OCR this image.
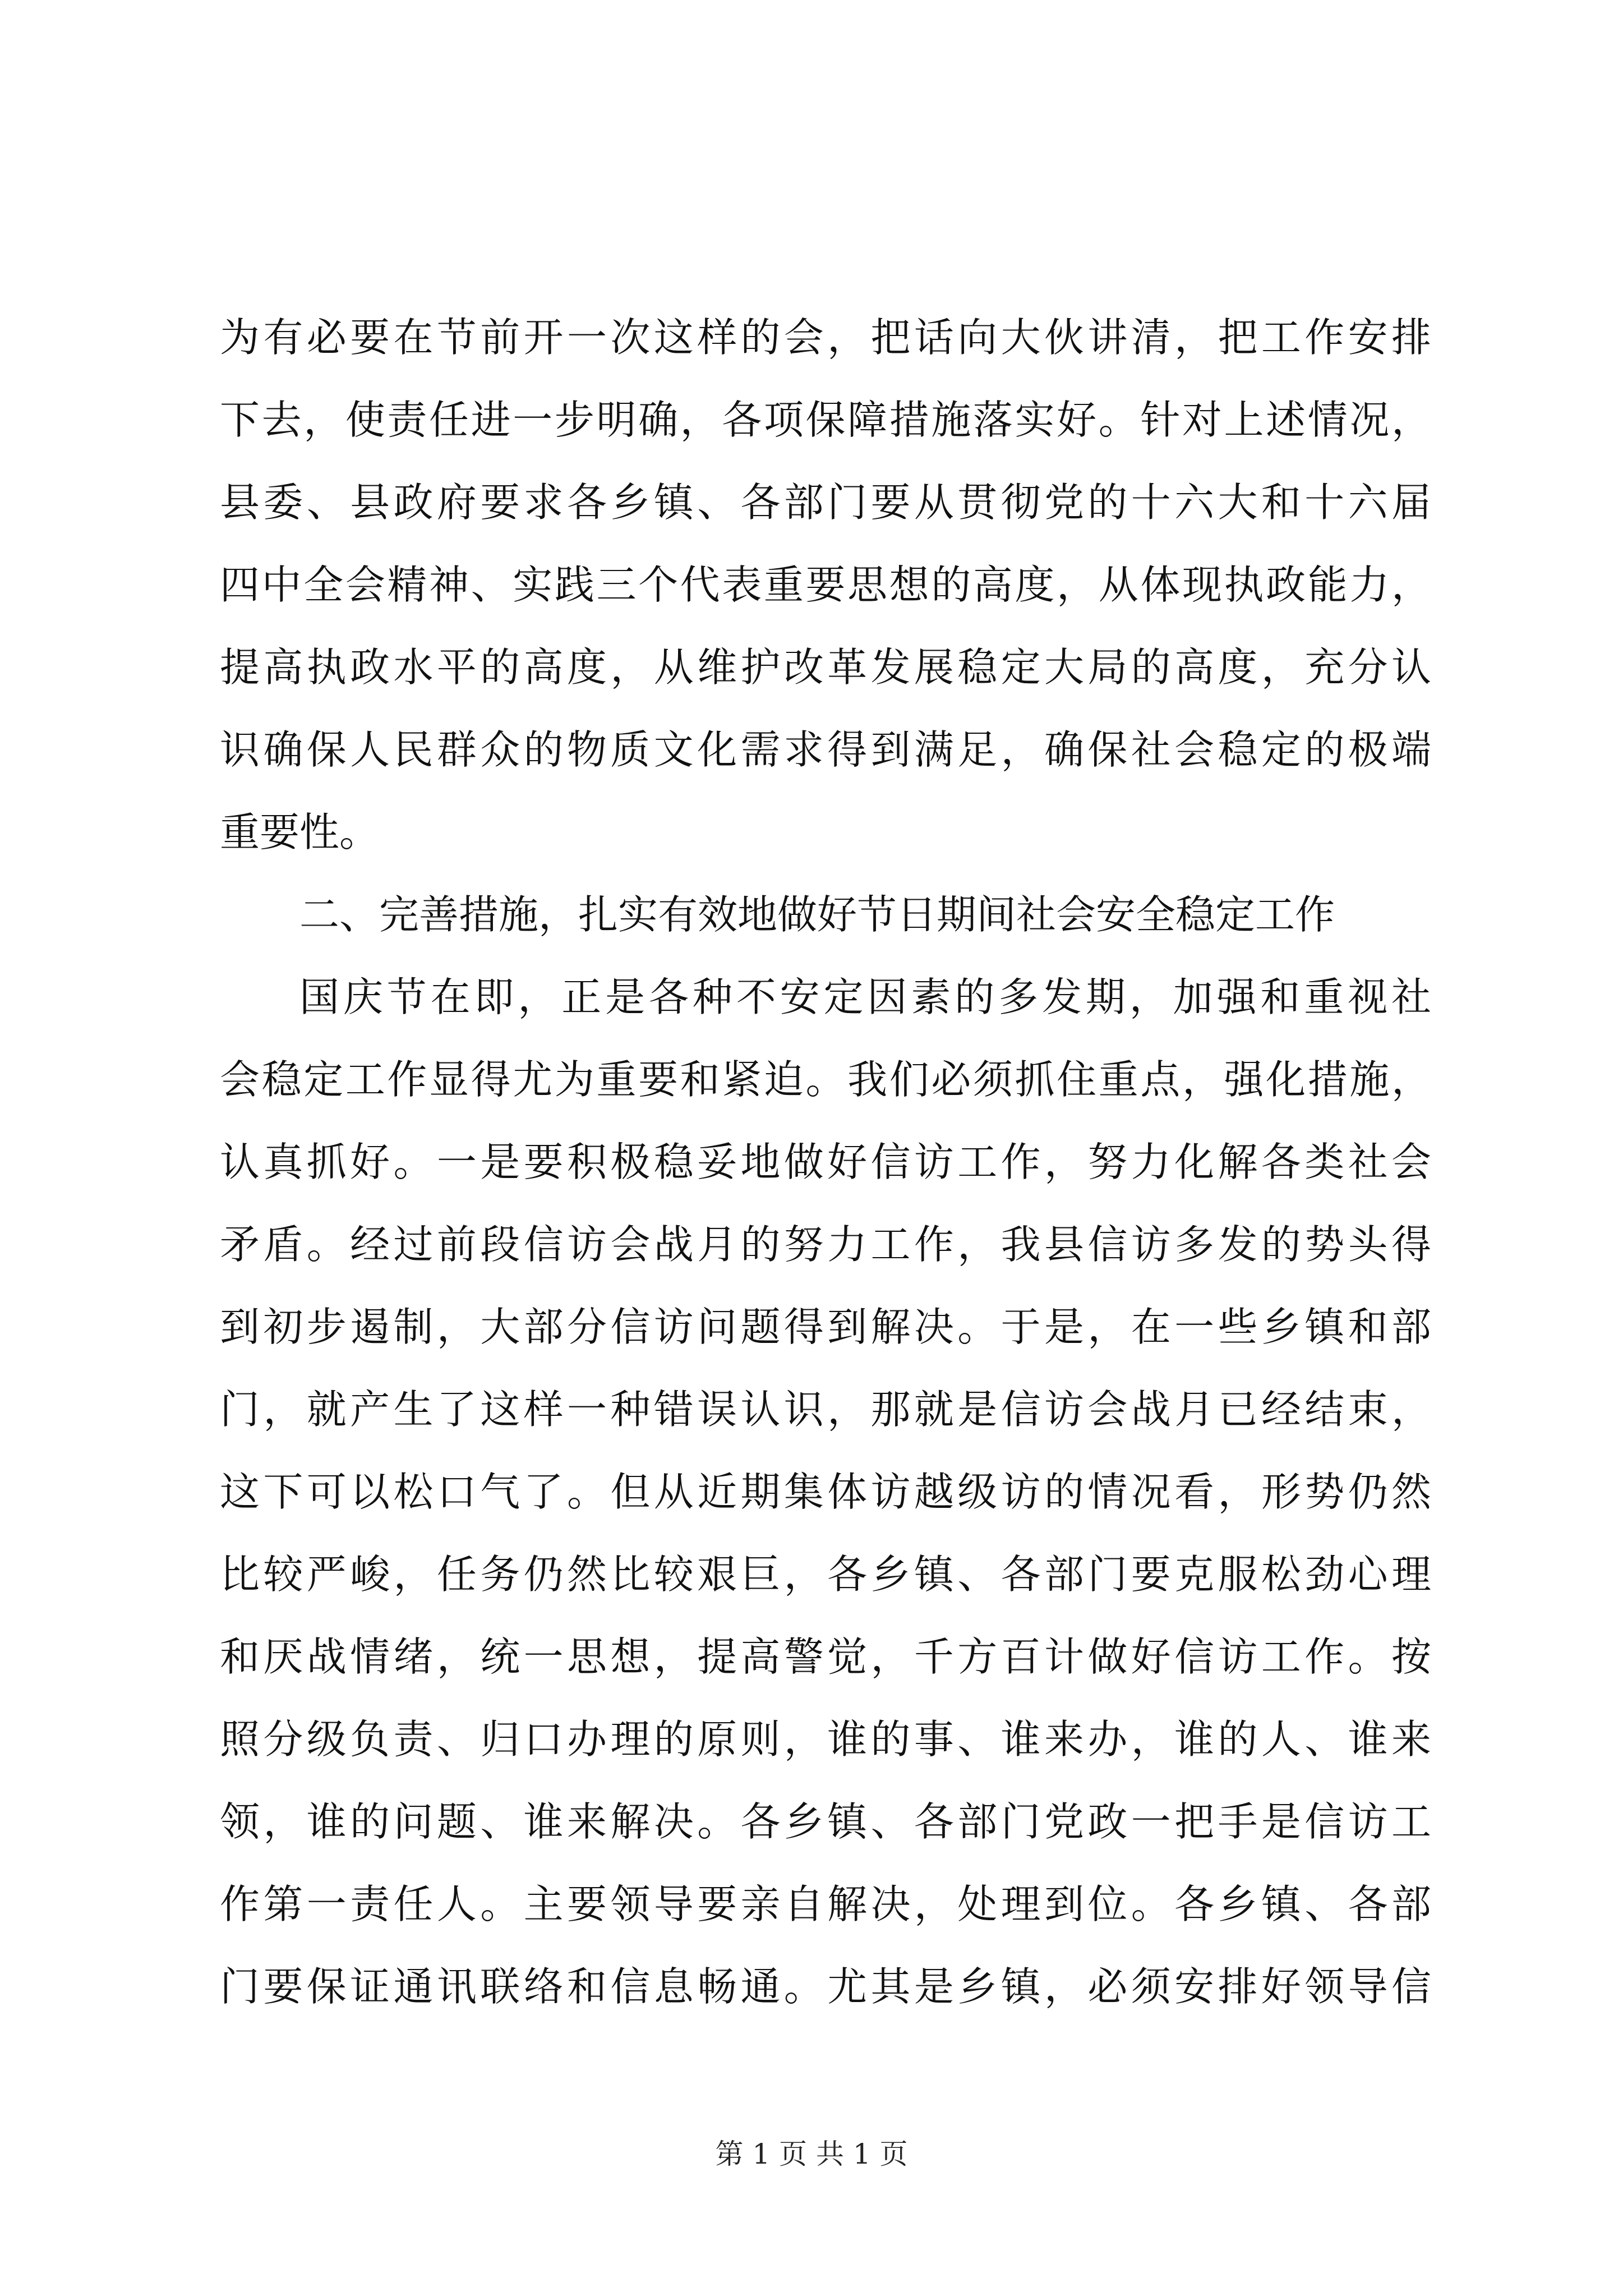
为有必要在节前开一次这样的会，把话向大伙讲清，把工作安排
下去，使责任进一步明确，各项保障措施落实好。针对上述情况，
县委、县政府要求各乡镇、各部门要从贯彻党的十六大和十六届
四中全会精神、实践三个代表重要思想的高度，从体现执政能力，
提高执政水平的高度，从维护改革发展稳定大局的高度，充分认
识确保人民群众的物质文化需求得到满足，确保社会稳定的极端
重要性。
二、完善措施，扎实有效地做好节日期间社会安全稳定工作
国庆节在即，正是各种不安定因素的多发期，加强和重视社
会稳定工作显得尤为重要和紧迫。我们必须抓住重点，强化措施，
认真抓好。一是要积极稳妥地做好信访工作，努力化解各类社会
矛盾。经过前段信访会战月的努力工作，我县信访多发的势头得
到初步遏制，大部分信访问题得到解决。于是，在一些乡镇和部
门，就产生了这样一种错误认识，那就是信访会战月已经结束，
这下可以松口气了。但从近期集体访越级访的情况看，形势仍然
比较严峻，任务仍然比较艰巨，各乡镇、各部门要克服松劲心理
和厌战情绪，统一思想，提高警觉，千方百计做好信访工作。按
照分级负责、归口办理的原则，谁的事、谁来办，谁的人、谁来
领，谁的问题、谁来解决。各乡镇、各部门党政一把手是信访工
作第一责任人。主要领导要亲自解决，处理到位。各乡镇、各部
门要保证通讯联络和信息畅通。尤其是乡镇，必须安排好领导信
第 1 页 共 1 页
